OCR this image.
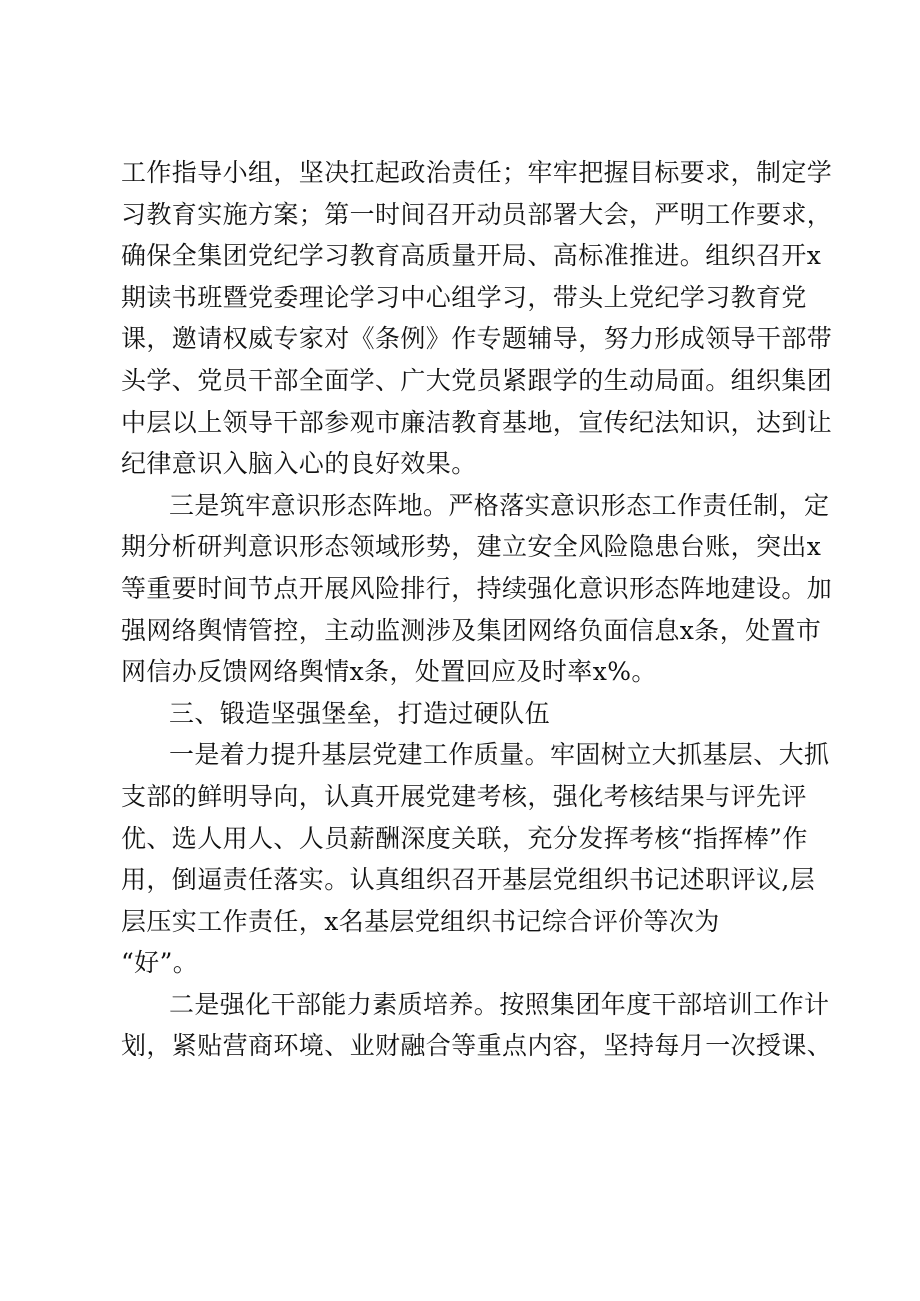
工作指导小组，坚决扛起政治责任；牢牢把握目标要求，制定学
习教育实施方案；第一时间召开动员部署大会，严明工作要求，
确保全集团党纪学习教育高质量开局、高标准推进。组织召开x
期读书班暨党委理论学习中心组学习，带头上党纪学习教育党
课，邀请权威专家对《条例》作专题辅导，努力形成领导干部带
头学、党员干部全面学、广大党员紧跟学的生动局面。组织集团
中层以上领导干部参观市廉洁教育基地，宣传纪法知识，达到让
纪律意识入脑入心的良好效果。
三是筑牢意识形态阵地。严格落实意识形态工作责任制，定
期分析研判意识形态领域形势，建立安全风险隐患台账，突出x
等重要时间节点开展风险排行，持续强化意识形态阵地建设。加
强网络舆情管控，主动监测涉及集团网络负面信息x条，处置市
网信办反馈网络舆情x条，处置回应及时率x%。
三、锻造坚强堡垒，打造过硬队伍
一是着力提升基层党建工作质量。牢固树立大抓基层、大抓
支部的鲜明导向，认真开展党建考核，强化考核结果与评先评
优、选人用人、人员薪酬深度关联，充分发挥考核“指挥棒”作
用，倒逼责任落实。认真组织召开基层党组织书记述职评议,层
层压实工作责任，x名基层党组织书记综合评价等次为
“好”。
二是强化干部能力素质培养。按照集团年度干部培训工作计
划，紧贴营商环境、业财融合等重点内容，坚持每月一次授课、
